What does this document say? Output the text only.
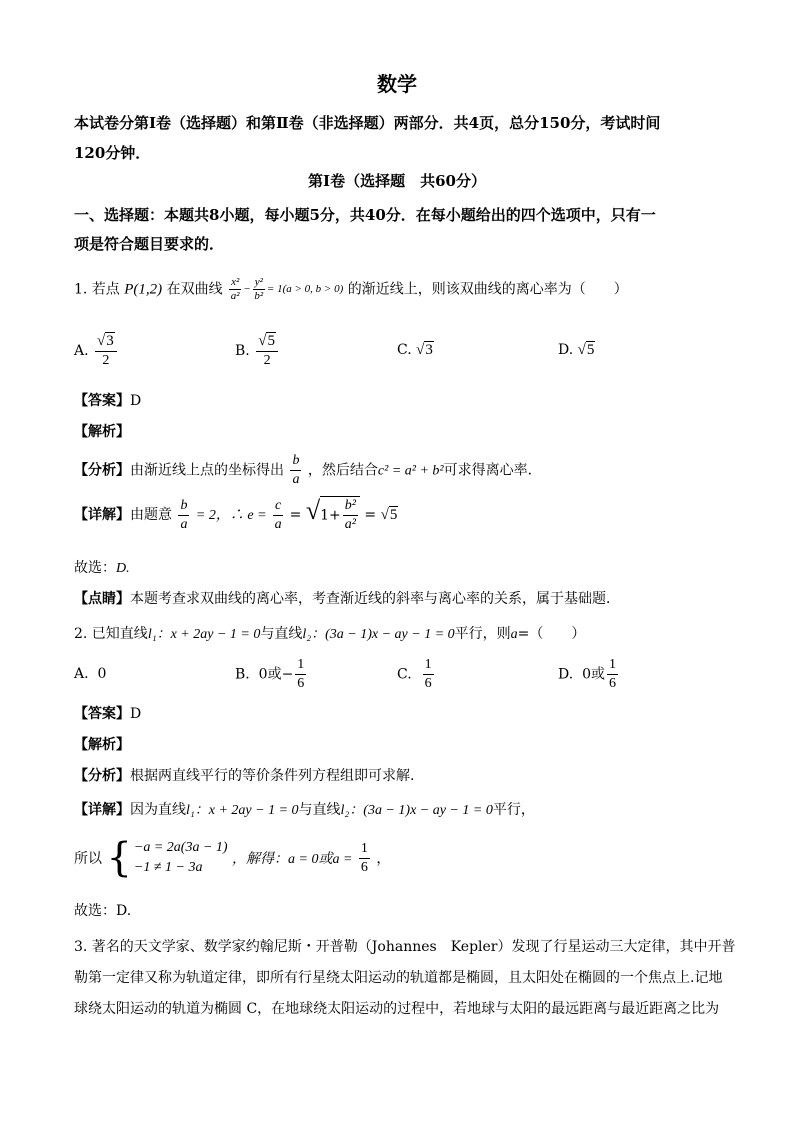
数学
本试卷分第Ⅰ卷（选择题）和第Ⅱ卷（非选择题）两部分．共4页，总分150分，考试时间
120分钟．
第Ⅰ卷（选择题　共60分）
一、选择题：本题共8小题，每小题5分，共40分．在每小题给出的四个选项中，只有一
项是符合题目要求的．
1. 若点 P(1,2) 在双曲线 $\frac{\text{x²}}{\text{a²}} - \frac{\text{y²}}{\text{b²}} = 1(a > 0$, b > 0) 的渐近线上，则该双曲线的离心率为（　　）
A. $\frac{√3}{2}$	B. $\frac{√5}{2}$	C. √3	D. √5
【答案】D
【解析】
【分析】由渐近线上点的坐标得出 $\frac{b}{a}$ ，然后结合c² = a² + b²可求得离心率．
【详解】由题意 $\frac{b}{a} = 2$，∴ $e = \frac{c}{a} = √1+ \frac{\text{b²}}{\text{a²}} = √5$
故选：D.
【点睛】本题考查求双曲线的离心率，考查渐近线的斜率与离心率的关系，属于基础题．
2. 已知直线l₁：x + 2ay − 1 = 0与直线l₂：(3a − 1)x − ay − 1 = 0平行，则a=（　　）
A. 0	B. 0或− $\frac{1}{6}$	C. $\frac{1}{6}$	D. 0或 $\frac{1}{6}$
【答案】D
【解析】
【分析】根据两直线平行的等价条件列方程组即可求解.
【详解】因为直线l₁：x + 2ay − 1 = 0与直线l₂：(3a − 1)x − ay − 1 = 0平行，
所以 { −a = 2a(3a − 1)
−1 ≠ 1 − 3a
，解得：a = 0或$a = \frac{1}{6}$ ，
故选：D.
3. 著名的天文学家、数学家约翰尼斯・开普勒（Johannes　Kepler）发现了行星运动三大定律，其中开普
勒第一定律又称为轨道定律，即所有行星绕太阳运动的轨道都是椭圆，且太阳处在椭圆的一个焦点上.记地
球绕太阳运动的轨道为椭圆 C，在地球绕太阳运动的过程中，若地球与太阳的最远距离与最近距离之比为
